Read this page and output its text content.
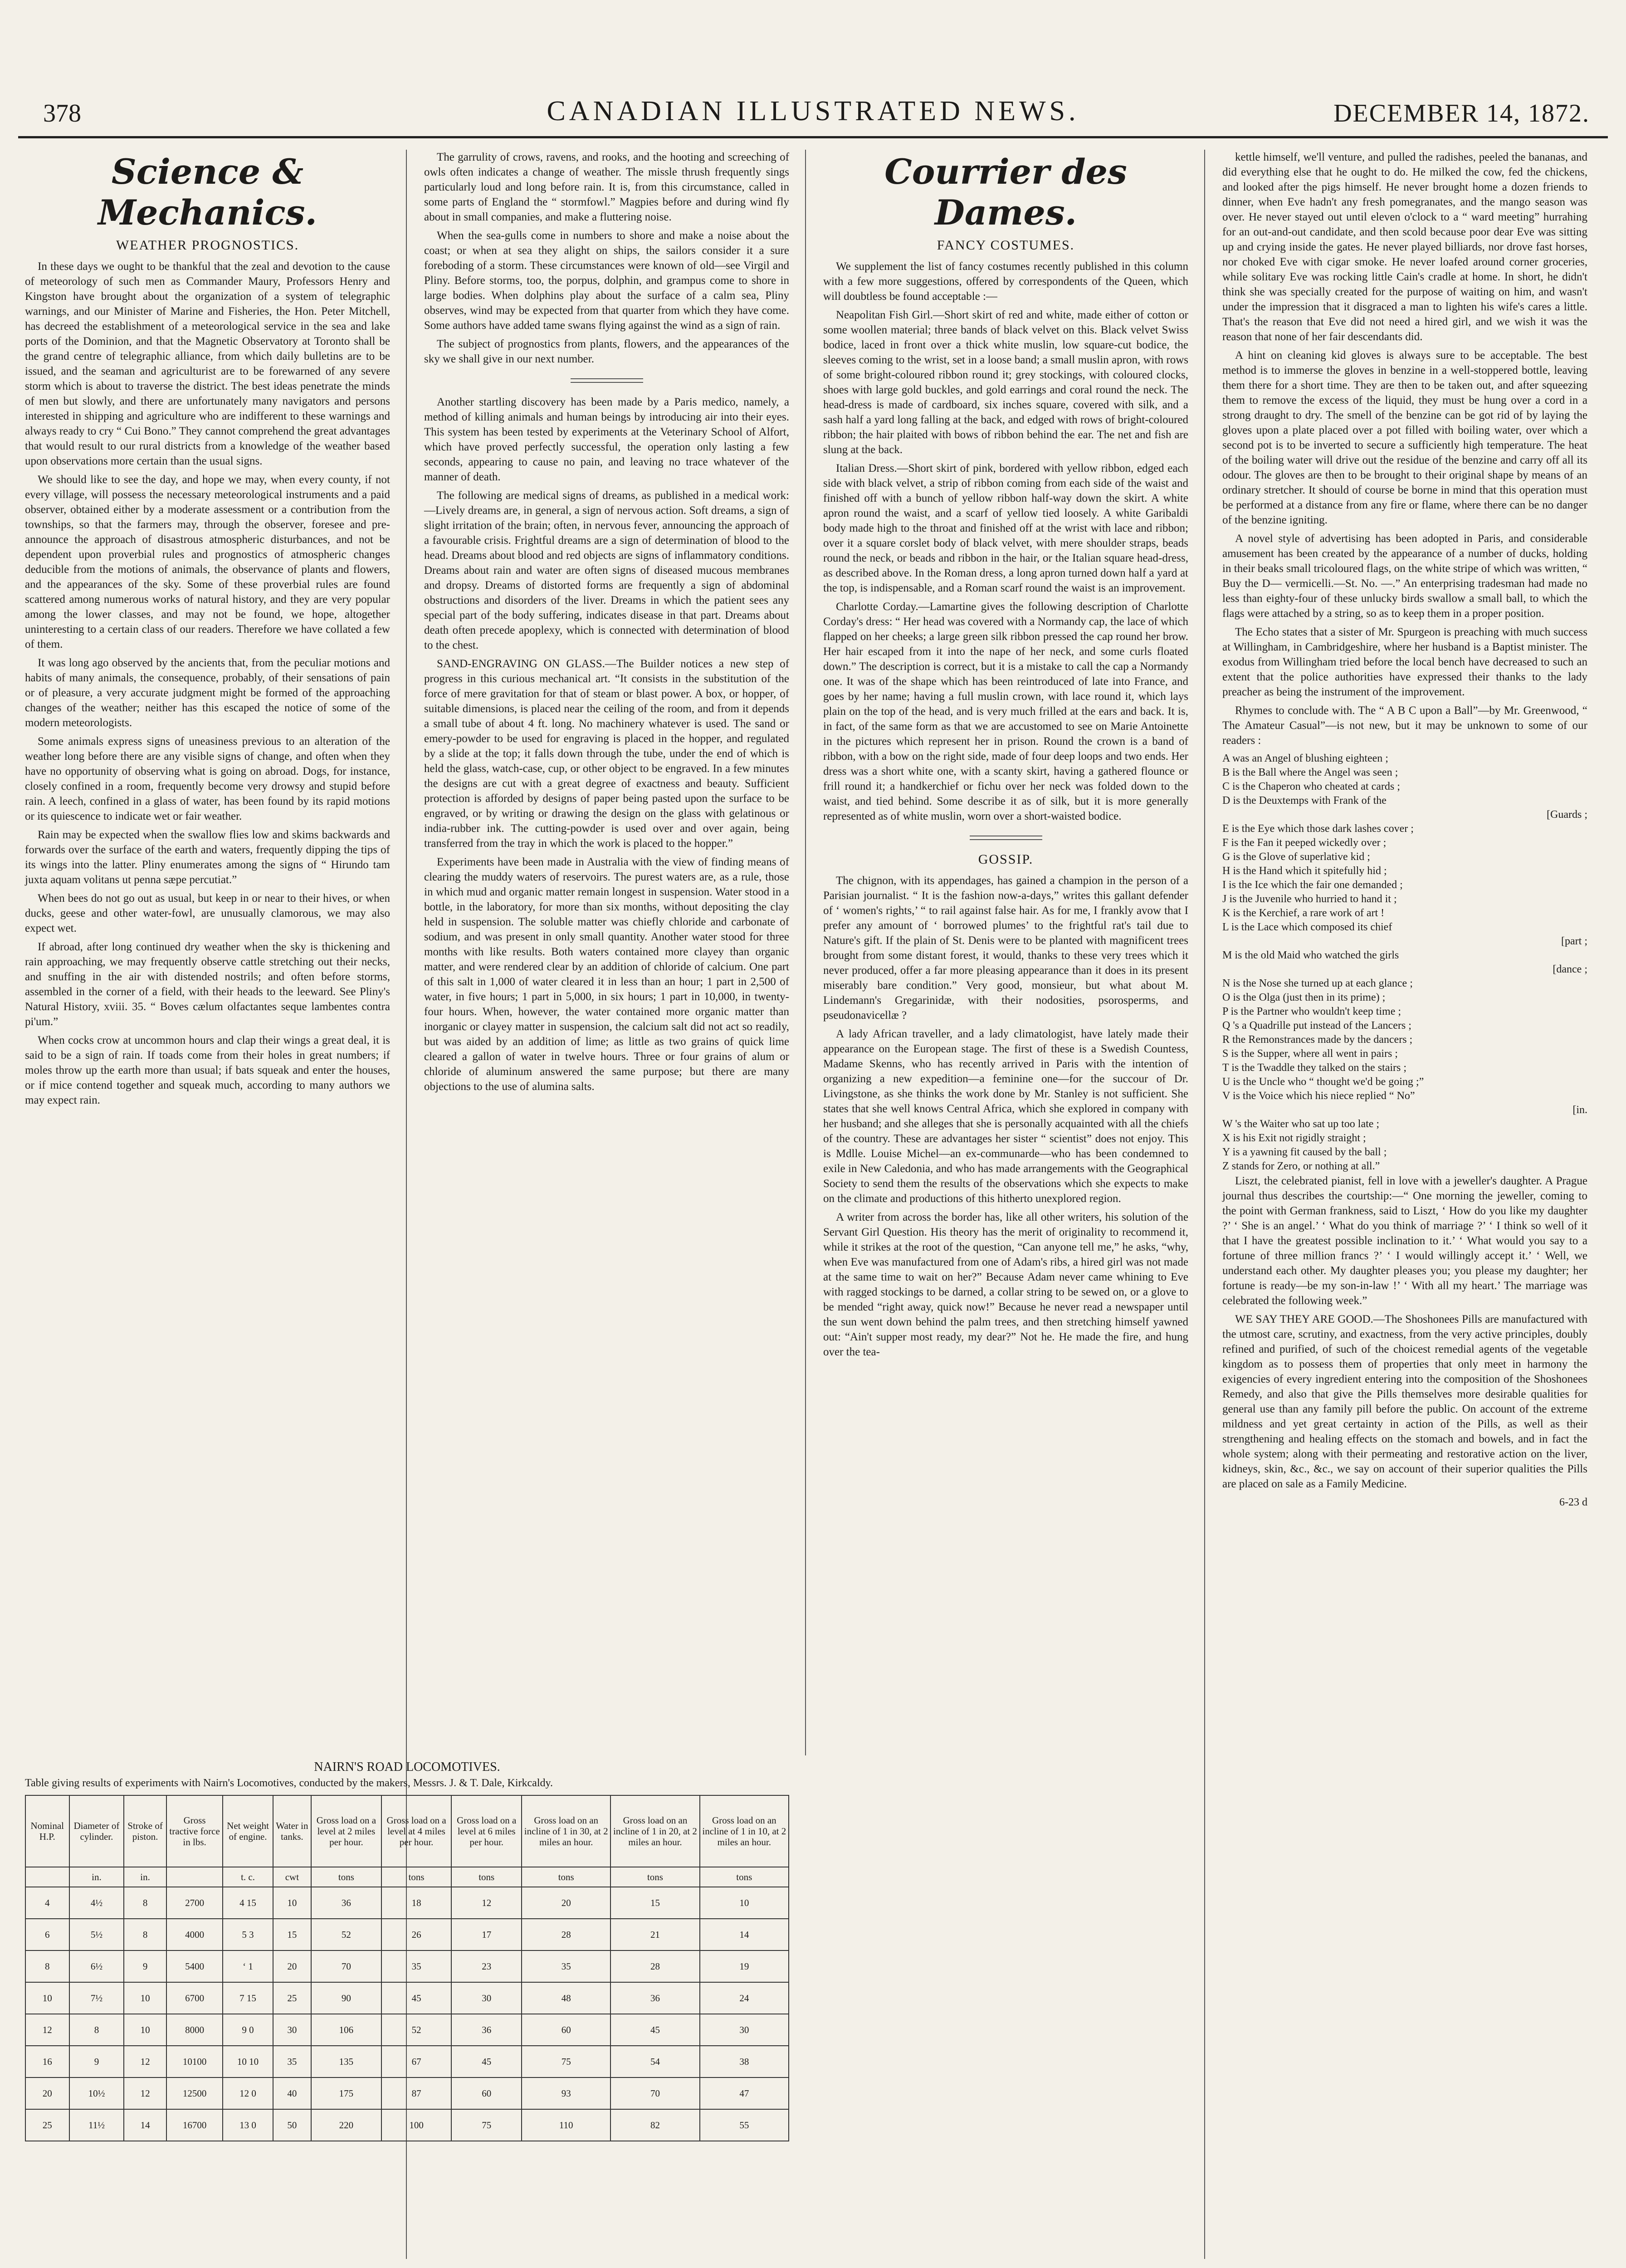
378	CANADIAN ILLUSTRATED NEWS.	DECEMBER 14, 1872.
Science & Mechanics.
WEATHER PROGNOSTICS.

In these days we ought to be thankful that the zeal and devotion to the cause of meteorology of such men as Commander Maury, Professors Henry and Kingston have brought about the organization of a system of telegraphic warnings, and our Minister of Marine and Fisheries, the Hon. Peter Mitchell, has decreed the establishment of a meteorological service in the sea and lake ports of the Dominion, and that the Magnetic Observatory at Toronto shall be the grand centre of telegraphic alliance, from which daily bulletins are to be issued, and the seaman and agriculturist are to be forewarned of any severe storm which is about to traverse the district. The best ideas penetrate the minds of men but slowly, and there are unfortunately many navigators and persons interested in shipping and agriculture who are indifferent to these warnings and always ready to cry “ Cui Bono.” They cannot comprehend the great advantages that would result to our rural districts from a knowledge of the weather based upon observations more certain than the usual signs.

We should like to see the day, and hope we may, when every county, if not every village, will possess the necessary meteorological instruments and a paid observer, obtained either by a moderate assessment or a contribution from the townships, so that the farmers may, through the observer, foresee and pre-announce the approach of disastrous atmospheric disturbances, and not be dependent upon proverbial rules and prognostics of atmospheric changes deducible from the motions of animals, the observance of plants and flowers, and the appearances of the sky. Some of these proverbial rules are found scattered among numerous works of natural history, and they are very popular among the lower classes, and may not be found, we hope, altogether uninteresting to a certain class of our readers. Therefore we have collated a few of them.

It was long ago observed by the ancients that, from the peculiar motions and habits of many animals, the consequence, probably, of their sensations of pain or of pleasure, a very accurate judgment might be formed of the approaching changes of the weather; neither has this escaped the notice of some of the modern meteorologists.

Some animals express signs of uneasiness previous to an alteration of the weather long before there are any visible signs of change, and often when they have no opportunity of observing what is going on abroad. Dogs, for instance, closely confined in a room, frequently become very drowsy and stupid before rain. A leech, confined in a glass of water, has been found by its rapid motions or its quiescence to indicate wet or fair weather.

Rain may be expected when the swallow flies low and skims backwards and forwards over the surface of the earth and waters, frequently dipping the tips of its wings into the latter. Pliny enumerates among the signs of “ Hirundo tam juxta aquam volitans ut penna sæpe percutiat.”

When bees do not go out as usual, but keep in or near to their hives, or when ducks, geese and other water-fowl, are unusually clamorous, we may also expect wet.

If abroad, after long continued dry weather when the sky is thickening and rain approaching, we may frequently observe cattle stretching out their necks, and snuffing in the air with distended nostrils; and often before storms, assembled in the corner of a field, with their heads to the leeward. See Pliny's Natural History, xviii. 35. “ Boves cælum olfactantes seque lambentes contra pi'um.”

When cocks crow at uncommon hours and clap their wings a great deal, it is said to be a sign of rain. If toads come from their holes in great numbers; if moles throw up the earth more than usual; if bats squeak and enter the houses, or if mice contend together and squeak much, according to many authors we may expect rain.

The garrulity of crows, ravens, and rooks, and the hooting and screeching of owls often indicates a change of weather. The missle thrush frequently sings particularly loud and long before rain. It is, from this circumstance, called in some parts of England the “ stormfowl.” Magpies before and during wind fly about in small companies, and make a fluttering noise.

When the sea-gulls come in numbers to shore and make a noise about the coast; or when at sea they alight on ships, the sailors consider it a sure foreboding of a storm. These circumstances were known of old—see Virgil and Pliny. Before storms, too, the porpus, dolphin, and grampus come to shore in large bodies. When dolphins play about the surface of a calm sea, Pliny observes, wind may be expected from that quarter from which they have come. Some authors have added tame swans flying against the wind as a sign of rain.

The subject of prognostics from plants, flowers, and the appearances of the sky we shall give in our next number.

Another startling discovery has been made by a Paris medico, namely, a method of killing animals and human beings by introducing air into their eyes. This system has been tested by experiments at the Veterinary School of Alfort, which have proved perfectly successful, the operation only lasting a few seconds, appearing to cause no pain, and leaving no trace whatever of the manner of death.

The following are medical signs of dreams, as published in a medical work:—Lively dreams are, in general, a sign of nervous action. Soft dreams, a sign of slight irritation of the brain; often, in nervous fever, announcing the approach of a favourable crisis. Frightful dreams are a sign of determination of blood to the head. Dreams about blood and red objects are signs of inflammatory conditions. Dreams about rain and water are often signs of diseased mucous membranes and dropsy. Dreams of distorted forms are frequently a sign of abdominal obstructions and disorders of the liver. Dreams in which the patient sees any special part of the body suffering, indicates disease in that part. Dreams about death often precede apoplexy, which is connected with determination of blood to the chest.

SAND-ENGRAVING ON GLASS.—The Builder notices a new step of progress in this curious mechanical art. “It consists in the substitution of the force of mere gravitation for that of steam or blast power. A box, or hopper, of suitable dimensions, is placed near the ceiling of the room, and from it depends a small tube of about 4 ft. long. No machinery whatever is used. The sand or emery-powder to be used for engraving is placed in the hopper, and regulated by a slide at the top; it falls down through the tube, under the end of which is held the glass, watch-case, cup, or other object to be engraved. In a few minutes the designs are cut with a great degree of exactness and beauty. Sufficient protection is afforded by designs of paper being pasted upon the surface to be engraved, or by writing or drawing the design on the glass with gelatinous or india-rubber ink. The cutting-powder is used over and over again, being transferred from the tray in which the work is placed to the hopper.”

Experiments have been made in Australia with the view of finding means of clearing the muddy waters of reservoirs. The purest waters are, as a rule, those in which mud and organic matter remain longest in suspension. Water stood in a bottle, in the laboratory, for more than six months, without depositing the clay held in suspension. The soluble matter was chiefly chloride and carbonate of sodium, and was present in only small quantity. Another water stood for three months with like results. Both waters contained more clayey than organic matter, and were rendered clear by an addition of chloride of calcium. One part of this salt in 1,000 of water cleared it in less than an hour; 1 part in 2,500 of water, in five hours; 1 part in 5,000, in six hours; 1 part in 10,000, in twenty-four hours. When, however, the water contained more organic matter than inorganic or clayey matter in suspension, the calcium salt did not act so readily, but was aided by an addition of lime; as little as two grains of quick lime cleared a gallon of water in twelve hours. Three or four grains of alum or chloride of aluminum answered the same purpose; but there are many objections to the use of alumina salts.

Courrier des Dames.
FANCY COSTUMES.

We supplement the list of fancy costumes recently published in this column with a few more suggestions, offered by correspondents of the Queen, which will doubtless be found acceptable :—

Neapolitan Fish Girl.—Short skirt of red and white, made either of cotton or some woollen material; three bands of black velvet on this. Black velvet Swiss bodice, laced in front over a thick white muslin, low square-cut bodice, the sleeves coming to the wrist, set in a loose band; a small muslin apron, with rows of some bright-coloured ribbon round it; grey stockings, with coloured clocks, shoes with large gold buckles, and gold earrings and coral round the neck. The head-dress is made of cardboard, six inches square, covered with silk, and a sash half a yard long falling at the back, and edged with rows of bright-coloured ribbon; the hair plaited with bows of ribbon behind the ear. The net and fish are slung at the back.

Italian Dress.—Short skirt of pink, bordered with yellow ribbon, edged each side with black velvet, a strip of ribbon coming from each side of the waist and finished off with a bunch of yellow ribbon half-way down the skirt. A white apron round the waist, and a scarf of yellow tied loosely. A white Garibaldi body made high to the throat and finished off at the wrist with lace and ribbon; over it a square corslet body of black velvet, with mere shoulder straps, beads round the neck, or beads and ribbon in the hair, or the Italian square head-dress, as described above. In the Roman dress, a long apron turned down half a yard at the top, is indispensable, and a Roman scarf round the waist is an improvement.

Charlotte Corday.—Lamartine gives the following description of Charlotte Corday's dress: “ Her head was covered with a Normandy cap, the lace of which flapped on her cheeks; a large green silk ribbon pressed the cap round her brow. Her hair escaped from it into the nape of her neck, and some curls floated down.” The description is correct, but it is a mistake to call the cap a Normandy one. It was of the shape which has been reintroduced of late into France, and goes by her name; having a full muslin crown, with lace round it, which lays plain on the top of the head, and is very much frilled at the ears and back. It is, in fact, of the same form as that we are accustomed to see on Marie Antoinette in the pictures which represent her in prison. Round the crown is a band of ribbon, with a bow on the right side, made of four deep loops and two ends. Her dress was a short white one, with a scanty skirt, having a gathered flounce or frill round it; a handkerchief or fichu over her neck was folded down to the waist, and tied behind. Some describe it as of silk, but it is more generally represented as of white muslin, worn over a short-waisted bodice.

GOSSIP.

The chignon, with its appendages, has gained a champion in the person of a Parisian journalist. “ It is the fashion now-a-days,” writes this gallant defender of ‘ women's rights,’ “ to rail against false hair. As for me, I frankly avow that I prefer any amount of ‘ borrowed plumes’ to the frightful rat's tail due to Nature's gift. If the plain of St. Denis were to be planted with magnificent trees brought from some distant forest, it would, thanks to these very trees which it never produced, offer a far more pleasing appearance than it does in its present miserably bare condition.” Very good, monsieur, but what about M. Lindemann's Gregarinidæ, with their nodosities, psorosperms, and pseudonavicellæ ?

A lady African traveller, and a lady climatologist, have lately made their appearance on the European stage. The first of these is a Swedish Countess, Madame Skenns, who has recently arrived in Paris with the intention of organizing a new expedition—a feminine one—for the succour of Dr. Livingstone, as she thinks the work done by Mr. Stanley is not sufficient. She states that she well knows Central Africa, which she explored in company with her husband; and she alleges that she is personally acquainted with all the chiefs of the country. These are advantages her sister “ scientist” does not enjoy. This is Mdlle. Louise Michel—an ex-communarde—who has been condemned to exile in New Caledonia, and who has made arrangements with the Geographical Society to send them the results of the observations which she expects to make on the climate and productions of this hitherto unexplored region.

A writer from across the border has, like all other writers, his solution of the Servant Girl Question. His theory has the merit of originality to recommend it, while it strikes at the root of the question, “Can anyone tell me,” he asks, “why, when Eve was manufactured from one of Adam's ribs, a hired girl was not made at the same time to wait on her?” Because Adam never came whining to Eve with ragged stockings to be darned, a collar string to be sewed on, or a glove to be mended “right away, quick now!” Because he never read a newspaper until the sun went down behind the palm trees, and then stretching himself yawned out: “Ain't supper most ready, my dear?” Not he. He made the fire, and hung over the tea-

kettle himself, we'll venture, and pulled the radishes, peeled the bananas, and did everything else that he ought to do. He milked the cow, fed the chickens, and looked after the pigs himself. He never brought home a dozen friends to dinner, when Eve hadn't any fresh pomegranates, and the mango season was over. He never stayed out until eleven o'clock to a “ ward meeting” hurrahing for an out-and-out candidate, and then scold because poor dear Eve was sitting up and crying inside the gates. He never played billiards, nor drove fast horses, nor choked Eve with cigar smoke. He never loafed around corner groceries, while solitary Eve was rocking little Cain's cradle at home. In short, he didn't think she was specially created for the purpose of waiting on him, and wasn't under the impression that it disgraced a man to lighten his wife's cares a little. That's the reason that Eve did not need a hired girl, and we wish it was the reason that none of her fair descendants did.

A hint on cleaning kid gloves is always sure to be acceptable. The best method is to immerse the gloves in benzine in a well-stoppered bottle, leaving them there for a short time. They are then to be taken out, and after squeezing them to remove the excess of the liquid, they must be hung over a cord in a strong draught to dry. The smell of the benzine can be got rid of by laying the gloves upon a plate placed over a pot filled with boiling water, over which a second pot is to be inverted to secure a sufficiently high temperature. The heat of the boiling water will drive out the residue of the benzine and carry off all its odour. The gloves are then to be brought to their original shape by means of an ordinary stretcher. It should of course be borne in mind that this operation must be performed at a distance from any fire or flame, where there can be no danger of the benzine igniting.

A novel style of advertising has been adopted in Paris, and considerable amusement has been created by the appearance of a number of ducks, holding in their beaks small tricoloured flags, on the white stripe of which was written, “ Buy the D— vermicelli.—St. No. —.” An enterprising tradesman had made no less than eighty-four of these unlucky birds swallow a small ball, to which the flags were attached by a string, so as to keep them in a proper position.

The Echo states that a sister of Mr. Spurgeon is preaching with much success at Willingham, in Cambridgeshire, where her husband is a Baptist minister. The exodus from Willingham tried before the local bench have decreased to such an extent that the police authorities have expressed their thanks to the lady preacher as being the instrument of the improvement.

Rhymes to conclude with. The “ A B C upon a Ball”—by Mr. Greenwood, “ The Amateur Casual”—is not new, but it may be unknown to some of our readers :

A was an Angel of blushing eighteen ;
B is the Ball where the Angel was seen ;
C is the Chaperon who cheated at cards ;
D is the Deuxtemps with Frank of the
[Guards ;
E is the Eye which those dark lashes cover ;
F is the Fan it peeped wickedly over ;
G is the Glove of superlative kid ;
H is the Hand which it spitefully hid ;
I is the Ice which the fair one demanded ;
J is the Juvenile who hurried to hand it ;
K is the Kerchief, a rare work of art !
L is the Lace which composed its chief
[part ;
M is the old Maid who watched the girls
[dance ;
N is the Nose she turned up at each glance ;
O is the Olga (just then in its prime) ;
P is the Partner who wouldn't keep time ;
Q 's a Quadrille put instead of the Lancers ;
R the Remonstrances made by the dancers ;
S is the Supper, where all went in pairs ;
T is the Twaddle they talked on the stairs ;
U is the Uncle who “ thought we'd be going ;”
V is the Voice which his niece replied “ No”
[in.
W 's the Waiter who sat up too late ;
X is his Exit not rigidly straight ;
Y is a yawning fit caused by the ball ;
Z stands for Zero, or nothing at all.”

Liszt, the celebrated pianist, fell in love with a jeweller's daughter. A Prague journal thus describes the courtship:—“ One morning the jeweller, coming to the point with German frankness, said to Liszt, ‘ How do you like my daughter ?’ ‘ She is an angel.’ ‘ What do you think of marriage ?’ ‘ I think so well of it that I have the greatest possible inclination to it.’ ‘ What would you say to a fortune of three million francs ?’ ‘ I would willingly accept it.’ ‘ Well, we understand each other. My daughter pleases you; you please my daughter; her fortune is ready—be my son-in-law !’ ‘ With all my heart.’ The marriage was celebrated the following week.”

WE SAY THEY ARE GOOD.—The Shoshonees Pills are manufactured with the utmost care, scrutiny, and exactness, from the very active principles, doubly refined and purified, of such of the choicest remedial agents of the vegetable kingdom as to possess them of properties that only meet in harmony the exigencies of every ingredient entering into the composition of the Shoshonees Remedy, and also that give the Pills themselves more desirable qualities for general use than any family pill before the public. On account of the extreme mildness and yet great certainty in action of the Pills, as well as their strengthening and healing effects on the stomach and bowels, and in fact the whole system; along with their permeating and restorative action on the liver, kidneys, skin, &c., &c., we say on account of their superior qualities the Pills are placed on sale as a Family Medicine.

6-23 d
NAIRN'S ROAD LOCOMOTIVES.
Table giving results of experiments with Nairn's Locomotives, conducted by the makers, Messrs. J. & T. Dale, Kirkcaldy.
Nominal H.P.	Diameter of cylinder.	Stroke of piston.	Gross tractive force in lbs.	Net weight of engine.	Water in tanks.	Gross load on a level at 2 miles per hour.	Gross load on a level at 4 miles per hour.	Gross load on a level at 6 miles per hour.	Gross load on an incline of 1 in 30, at 2 miles an hour.	Gross load on an incline of 1 in 20, at 2 miles an hour.	Gross load on an incline of 1 in 10, at 2 miles an hour.
	in.	in.		t. c.	cwt	tons	tons	tons	tons	tons	tons
4	4½	8	2700	4 15	10	36	18	12	20	15	10
6	5½	8	4000	5 3	15	52	26	17	28	21	14
8	6½	9	5400	‘ 1	20	70	35	23	35	28	19
10	7½	10	6700	7 15	25	90	45	30	48	36	24
12	8	10	8000	9 0	30	106	52	36	60	45	30
16	9	12	10100	10 10	35	135	67	45	75	54	38
20	10½	12	12500	12 0	40	175	87	60	93	70	47
25	11½	14	16700	13 0	50	220	100	75	110	82	55
